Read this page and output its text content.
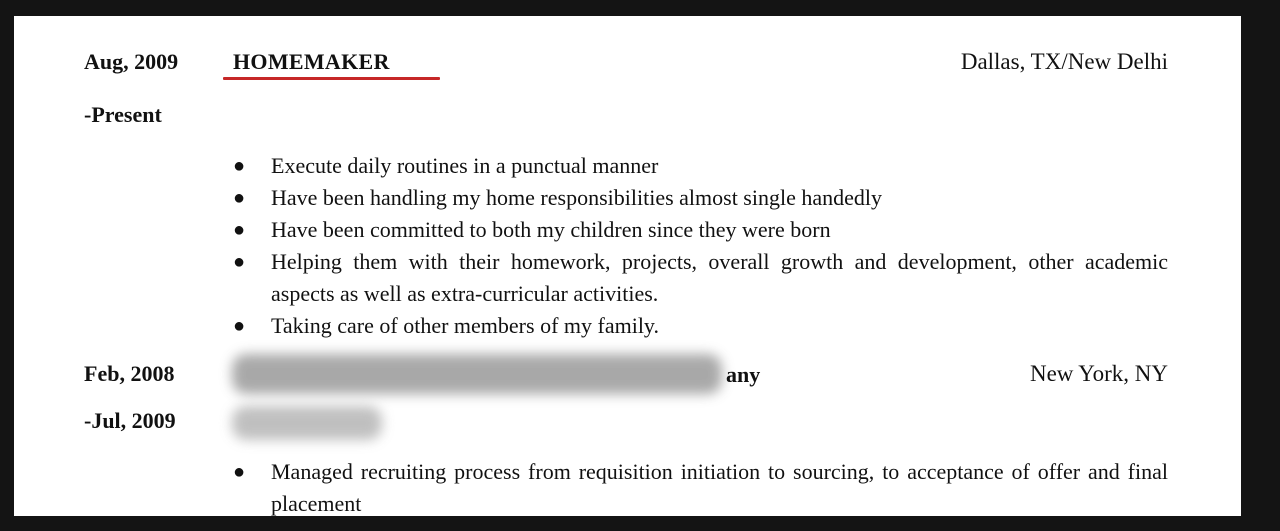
Aug, 2009
-Present
HOMEMAKER	Dallas, TX/New Delhi
● Execute daily routines in a punctual manner
● Have been handling my home responsibilities almost single handedly
● Have been committed to both my children since they were born
● Helping them with their homework, projects, overall growth and development, other academic aspects as well as extra-curricular activities.
● Taking care of other members of my family.
Feb, 2008
-Jul, 2009
any	New York, NY
● Managed recruiting process from requisition initiation to sourcing, to acceptance of offer and final placement
